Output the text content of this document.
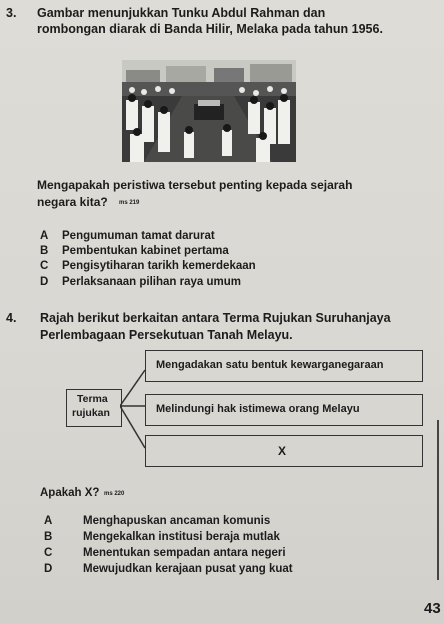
3. Gambar menunjukkan Tunku Abdul Rahman dan
rombongan diarak di Banda Hilir, Melaka pada tahun 1956.
Mengapakah peristiwa tersebut penting kepada sejarah
negara kita? ms 219
A Pengumuman tamat darurat
B Pembentukan kabinet pertama
C Pengisytiharan tarikh kemerdekaan
D Perlaksanaan pilihan raya umum
4. Rajah berikut berkaitan antara Terma Rujukan Suruhanjaya
Perlembagaan Persekutuan Tanah Melayu.
Mengadakan satu bentuk kewarganegaraan
Terma
rujukan	Melindungi hak istimewa orang Melayu
X
Apakah X? ms 220
A	Menghapuskan ancaman komunis
B	Mengekalkan institusi beraja mutlak
C	Menentukan sempadan antara negeri
D	Mewujudkan kerajaan pusat yang kuat
43
